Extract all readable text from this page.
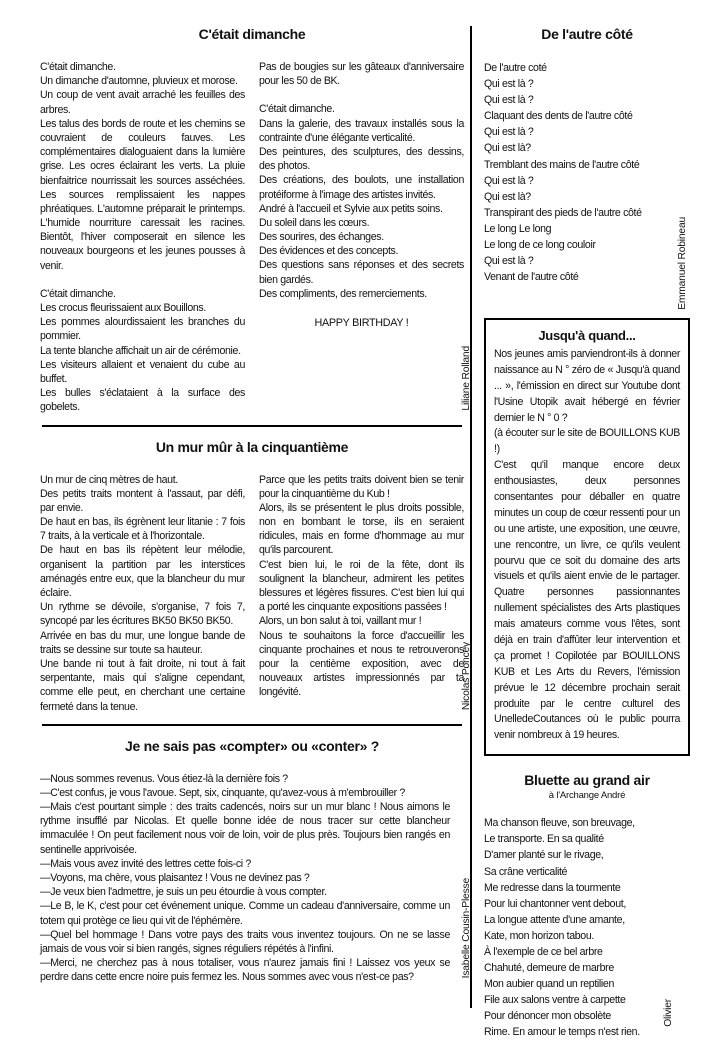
C'était dimanche

C'était dimanche.

Un dimanche d'automne, pluvieux et morose.

Un coup de vent avait arraché les feuilles des arbres.

Les talus des bords de route et les chemins se couvraient de couleurs fauves. Les complémentaires dialoguaient dans la lumière grise. Les ocres éclairant les verts. La pluie bienfaitrice nourrissait les sources asséchées. Les sources remplissaient les nappes phréatiques. L'automne préparait le printemps. L'humide nourriture caressait les racines. Bientôt, l'hiver composerait en silence les nouveaux bourgeons et les jeunes pousses à venir.

C'était dimanche.

Les crocus fleurissaient aux Bouillons.

Les pommes alourdissaient les branches du pommier.

La tente blanche affichait un air de cérémonie.

Les visiteurs allaient et venaient du cube au buffet.

Les bulles s'éclataient à la surface des gobelets.

Pas de bougies sur les gâteaux d'anniversaire pour les 50 de BK.

C'était dimanche.

Dans la galerie, des travaux installés sous la contrainte d'une élégante verticalité.

Des peintures, des sculptures, des dessins, des photos.

Des créations, des boulots, une installation protéiforme à l'image des artistes invités.

André à l'accueil et Sylvie aux petits soins.

Du soleil dans les cœurs.

Des sourires, des échanges.

Des évidences et des concepts.

Des questions sans réponses et des secrets bien gardés.

Des compliments, des remerciements.

HAPPY BIRTHDAY !

Liliane Rolland
Un mur mûr à la cinquantième

Un mur de cinq mètres de haut.

Des petits traits montent à l'assaut, par défi, par envie.

De haut en bas, ils égrènent leur litanie : 7 fois 7 traits, à la verticale et à l'horizontale.

De haut en bas ils répètent leur mélodie, organisent la partition par les interstices aménagés entre eux, que la blancheur du mur éclaire.

Un rythme se dévoile, s'organise, 7 fois 7, syncopé par les écritures BK50 BK50 BK50.

Arrivée en bas du mur, une longue bande de traits se dessine sur toute sa hauteur.

Une bande ni tout à fait droite, ni tout à fait serpentante, mais qui s'aligne cependant, comme elle peut, en cherchant une certaine fermeté dans la tenue.

Parce que les petits traits doivent bien se tenir pour la cinquantième du Kub !

Alors, ils se présentent le plus droits possible, non en bombant le torse, ils en seraient ridicules, mais en forme d'hommage au mur qu'ils parcourent.

C'est bien lui, le roi de la fête, dont ils soulignent la blancheur, admirent les petites blessures et légères fissures. C'est bien lui qui a porté les cinquante expositions passées !

Alors, un bon salut à toi, vaillant mur !

Nous te souhaitons la force d'accueillir les cinquante prochaines et nous te retrouverons pour la centième exposition, avec de nouveaux artistes impressionnés par ta longévité.	Nicolas Poncey
Je ne sais pas «compter» ou «conter» ?

—Nous sommes revenus. Vous étiez-là la dernière fois ?

—C'est confus, je vous l'avoue. Sept, six, cinquante, qu'avez-vous à m'embrouiller ?

—Mais c'est pourtant simple : des traits cadencés, noirs sur un mur blanc ! Nous aimons le rythme insufflé par Nicolas. Et quelle bonne idée de nous tracer sur cette blancheur immaculée ! On peut facilement nous voir de loin, voir de plus près. Toujours bien rangés en sentinelle apprivoisée.

—Mais vous avez invité des lettres cette fois-ci ?

—Voyons, ma chère, vous plaisantez ! Vous ne devinez pas ?

—Je veux bien l'admettre, je suis un peu étourdie à vous compter.

—Le B, le K, c'est pour cet événement unique. Comme un cadeau d'anniversaire, comme un totem qui protège ce lieu qui vit de l'éphémère.

—Quel bel hommage ! Dans votre pays des traits vous inventez toujours. On ne se lasse jamais de vous voir si bien rangés, signes réguliers répétés à l'infini.

—Merci, ne cherchez pas à nous totaliser, vous n'aurez jamais fini ! Laissez vos yeux se perdre dans cette encre noire puis fermez les. Nous sommes avec vous n'est-ce pas?	Isabelle Cousin-Plesse
De l'autre côté

De l'autre coté

Qui est là ?

Qui est là ?

Claquant des dents de l'autre côté

Qui est là ?

Qui est là?

Tremblant des mains de l'autre côté

Qui est là ?

Qui est là?

Transpirant des pieds de l'autre côté

Le long Le long

Le long de ce long couloir

Qui est là ?

Venant de l'autre côté	Emmanuel Robineau
Jusqu'à quand...

Nos jeunes amis parviendront-ils à donner naissance au N ° zéro de « Jusqu'à quand ... », l'émission en direct sur Youtube dont l'Usine Utopik avait hébergé en février dernier le N ° 0 ?

(à écouter sur le site de BOUILLONS KUB !)

C'est qu'il manque encore deux enthousiastes, deux personnes consentantes pour déballer en quatre minutes un coup de cœur ressenti pour un ou une artiste, une exposition, une œuvre, une rencontre, un livre, ce qu'ils veulent pourvu que ce soit du domaine des arts visuels et qu'ils aient envie de le partager. Quatre personnes passionnantes nullement spécialistes des Arts plastiques mais amateurs comme vous l'êtes, sont déjà en train d'affûter leur intervention et ça promet ! Copilotée par BOUILLONS KUB et Les Arts du Revers, l'émission prévue le 12 décembre prochain serait produite par le centre culturel des UnelledeCoutances où le public pourra venir nombreux à 19 heures.

Bluette au grand air

à l'Archange André

Ma chanson fleuve, son breuvage,

Le transporte. En sa qualité

D'amer planté sur le rivage,

Sa crâne verticalité

Me redresse dans la tourmente

Pour lui chantonner vent debout,

La longue attente d'une amante,

Kate, mon horizon tabou.

À l'exemple de ce bel arbre

Chahuté, demeure de marbre

Mon aubier quand un reptilien

File aux salons ventre à carpette

Pour dénoncer mon obsolète

Rime. En amour le temps n'est rien.

Olivier
